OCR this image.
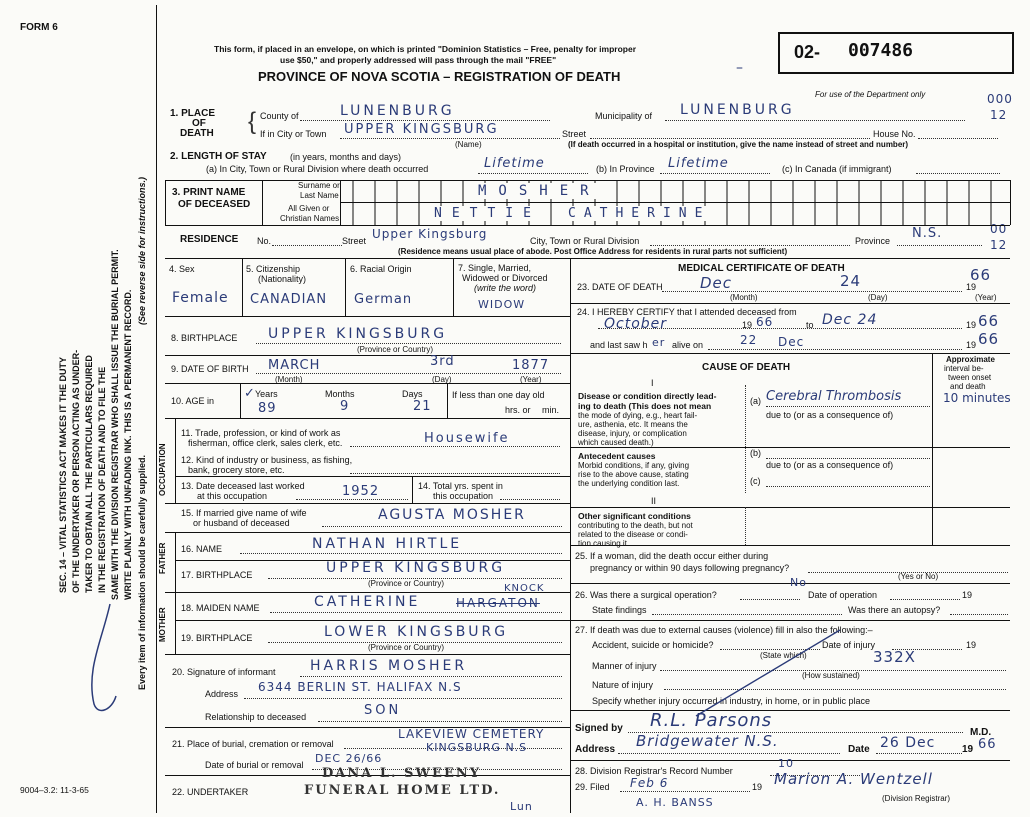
FORM 6
This form, if placed in an envelope, on which is printed "Dominion Statistics – Free, penalty for improper
use $50," and properly addressed will pass through the mail "FREE"
PROVINCE OF NOVA SCOTIA – REGISTRATION OF DEATH
02- 007486
For use of the Department only	000
12
00
12
SEC. 14 – VITAL STATISTICS ACT MAKES IT THE DUTY OF THE UNDERTAKER OR PERSON ACTING AS UNDER- TAKER TO OBTAIN ALL THE PARTICULARS REQUIRED IN THE REGISTRATION OF DEATH AND TO FILE THE SAME WITH THE DIVISION REGISTRAR WHO SHALL ISSUE THE BURIAL PERMIT. WRITE PLAINLY WITH UNFADING INK. THIS IS A PERMANENT RECORD.
(See reverse side for instructions.)
Every item of information should be carefully supplied.
9004–3.2: 11-3-65
1. PLACE
OF
DEATH { County of	LUNENBURG	Municipality of LUNENBURG
If in City or Town UPPER KINGSBURG	Street	House No.
(Name)	(If death occurred in a hospital or institution, give the name instead of street and number)
2. LENGTH OF STAY	(in years, months and days)
(a) In City, Town or Rural Division where death occurred	Lifetime	(b) In Province Lifetime	(c) In Canada (if immigrant)
3. PRINT NAME
OF DECEASED
Surname or
Last Name
All Given or
Christian Names
MOSHER
NETTIE CATHERINE
RESIDENCE No.	Street Upper Kingsburg	City, Town or Rural Division	Province N.S.
(Residence means usual place of abode. Post Office Address for residents in rural parts not sufficient)
4. Sex
Female
5. Citizenship
(Nationality)
CANADIAN
6. Racial Origin
German
7. Single, Married,
Widowed or Divorced
(write the word)
WIDOW
8. BIRTHPLACE UPPER KINGSBURG
(Province or Country)
9. DATE OF BIRTH MARCH	3rd	1877
(Month)	(Day)	(Year)
10. AGE in
Years	Months	Days
89	9	21
✓	If less than one day old
hrs. or min.
OCCUPATION
11. Trade, profession, or kind of work as
fisherman, office clerk, sales clerk, etc.	Housewife
12. Kind of industry or business, as fishing,
bank, grocery store, etc.
13. Date deceased last worked
at this occupation	1952	14. Total yrs. spent in
this occupation
15. If married give name of wife
or husband of deceased	AGUSTA MOSHER
FATHER 16. NAME	NATHAN HIRTLE
17. BIRTHPLACE	UPPER KINGSBURG
(Province or Country)
MOTHER 18. MAIDEN NAME	CATHERINE	HARGATON
KNOCK
19. BIRTHPLACE	LOWER KINGSBURG
(Province or Country)
20. Signature of informant HARRIS MOSHER
Address 6344 BERLIN ST. HALIFAX N.S
Relationship to deceased	SON
21. Place of burial, cremation or removal
LAKEVIEW CEMETERY
KINGSBURG N.S
Date of burial or removal DEC 26/66
22. UNDERTAKER
DANA L. SWEENY
FUNERAL HOME LTD.
Lun
MEDICAL CERTIFICATE OF DEATH
23. DATE OF DEATH Dec	24	19
66
(Month)	(Day)	(Year)
24. I HEREBY CERTIFY that I attended deceased from
October	19 66	to Dec 24	19 66
and last saw h er alive on	22 Dec	19 66
CAUSE OF DEATH
Approximate
interval be-
tween onset
and death
I
Disease or condition directly lead-
ing to death (This does not mean
the mode of dying, e.g., heart fail-
ure, asthenia, etc. It means the
disease, injury, or complication
which caused death.)
(a) Cerebral Thrombosis	10 minutes
due to (or as a consequence of)
Antecedent causes
Morbid conditions, if any, giving
rise to the above cause, stating
the underlying condition last.
(b)
due to (or as a consequence of)
(c)
II
Other significant conditions
contributing to the death, but not
related to the disease or condi-
tion causing it.
25. If a woman, did the death occur either during
pregnancy or within 90 days following pregnancy?
(Yes or No)
26. Was there a surgical operation?
No
Date of operation	19
State findings	Was there an autopsy?
27. If death was due to external causes (violence) fill in also the following:–
Accident, suicide or homicide?
(State which)
Date of injury	19
Manner of injury	332X
(How sustained)
Nature of injury
Specify whether injury occurred in industry, in home, or in public place
Signed by R.L. Parsons
M.D.
Address Bridgewater N.S.	Date 26 Dec	19 66
28. Division Registrar's Record Number
10
29. Filed Feb 6	19 Marion A. Wentzell
(Division Registrar)
A. H. BANSS
–
